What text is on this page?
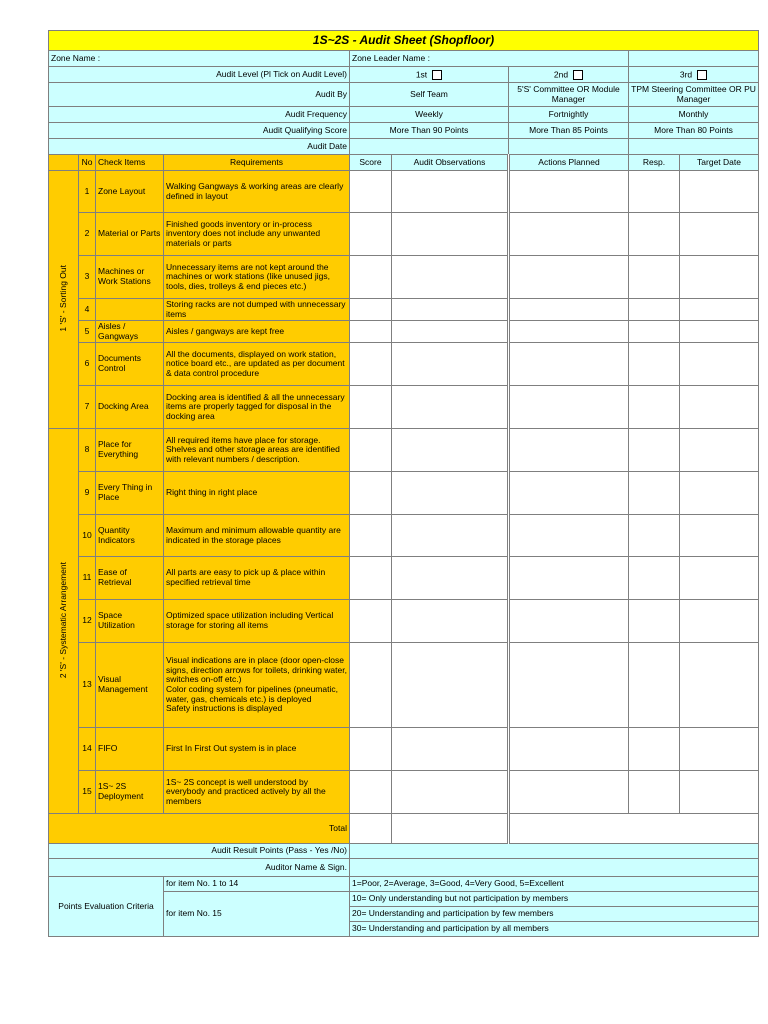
1S~2S - Audit Sheet (Shopfloor)								
Zone Name :				Zone Leader Name :				
Audit Level (Pl Tick on Audit Level)				1st		2nd	3rd	
Audit By				Self Team		5'S' Committee OR Module Manager	TPM Steering Committee OR PU Manager	
Audit Frequency				Weekly		Fortnightly	Monthly	
Audit Qualifying Score				More Than 90 Points		More Than 85 Points	More Than 80 Points	
Audit Date								
	No	Check Items	Requirements	Score	Audit Observations	Actions Planned	Resp.	Target Date
1 'S' - Sorting Out	1	Zone Layout	Walking Gangways & working areas are clearly defined in layout					
	2	Material or Parts	Finished goods inventory or in-process inventory does not include any unwanted materials or parts					
	3	Machines or Work Stations	Unnecessary items are not kept around the machines or work stations (like unused jigs, tools, dies, trolleys & end pieces etc.)					
	4		Storing racks are not dumped with unnecessary items					
	5	Aisles / Gangways	Aisles / gangways are kept free					
	6	Documents Control	All the documents, displayed on work station, notice board etc., are updated as per document & data control procedure					
	7	Docking Area	Docking area is identified & all the unnecessary items are properly tagged for disposal in the docking area					
2 'S' - Systematic Arrangement	8	Place for Everything	All required items have place for storage. Shelves and other storage areas are identified with relevant numbers / description.					
	9	Every Thing in Place	Right thing in right place					
	10	Quantity Indicators	Maximum and minimum allowable quantity are indicated in the storage places					
	11	Ease of Retrieval	All parts are easy to pick up & place within specified retrieval time					
	12	Space Utilization	Optimized space utilization including Vertical storage for storing all items					
	13	Visual Management	Visual indications are in place (door open-close signs, direction arrows for toilets, drinking water, switches on-off etc.)
Color coding system for pipelines (pneumatic, water, gas, chemicals etc.) is deployed
Safety instructions is displayed					
	14	FIFO	First In First Out system is in place					
	15	1S~ 2S Deployment	1S~ 2S concept is well understood by everybody and practiced actively by all the members					
Total								
Audit Result Points (Pass - Yes /No)								
Auditor Name & Sign.								
Points Evaluation Criteria			for item No. 1 to 14	1=Poor, 2=Average, 3=Good, 4=Very Good, 5=Excellent				
			for item No. 15	10= Only understanding but not participation by members				
				20= Understanding and participation by few members				
				30= Understanding and participation by all members				
